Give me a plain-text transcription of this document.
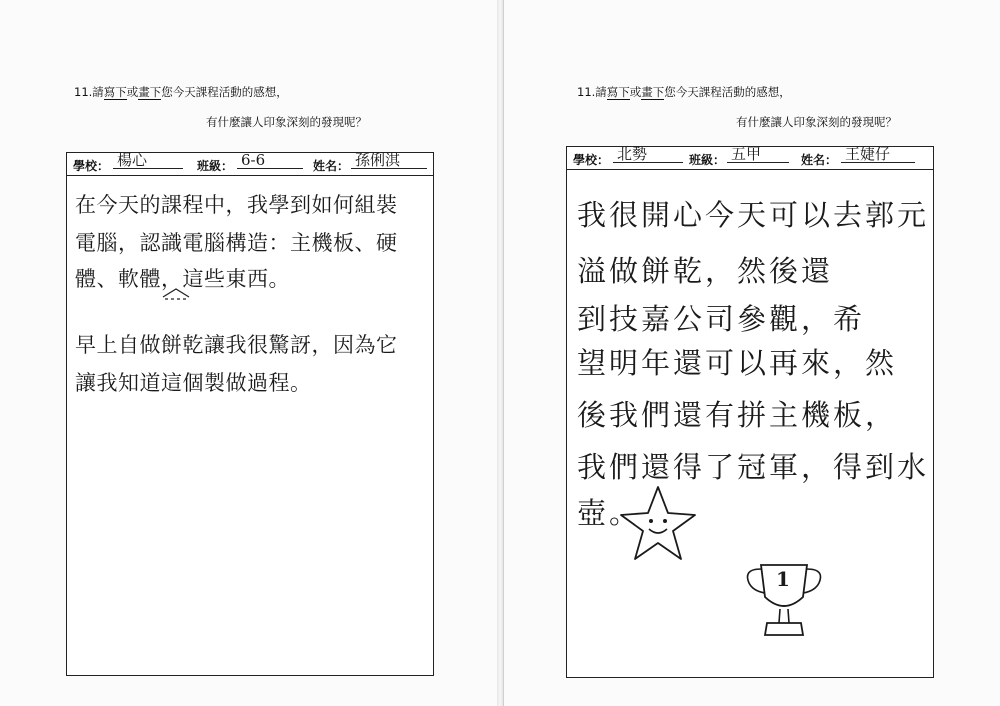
11.請寫下或畫下您今天課程活動的感想，
有什麼讓人印象深刻的發現呢？
學校： 楊心	班級： 6-6	姓名： 孫俐淇
在今天的課程中，我學到如何組裝
電腦，認識電腦構造：主機板、硬
體、軟體，這些東西。
早上自做餅乾讓我很驚訝，因為它
讓我知道這個製做過程。
11.請寫下或畫下您今天課程活動的感想，
有什麼讓人印象深刻的發現呢？
學校： 北勢	班級： 五甲	姓名： 王婕仔
我很開心今天可以去郭元
溢做餅乾，然後還
到技嘉公司參觀，希
望明年還可以再來，然
後我們還有拼主機板，
我們還得了冠軍，得到水
壺。
1
